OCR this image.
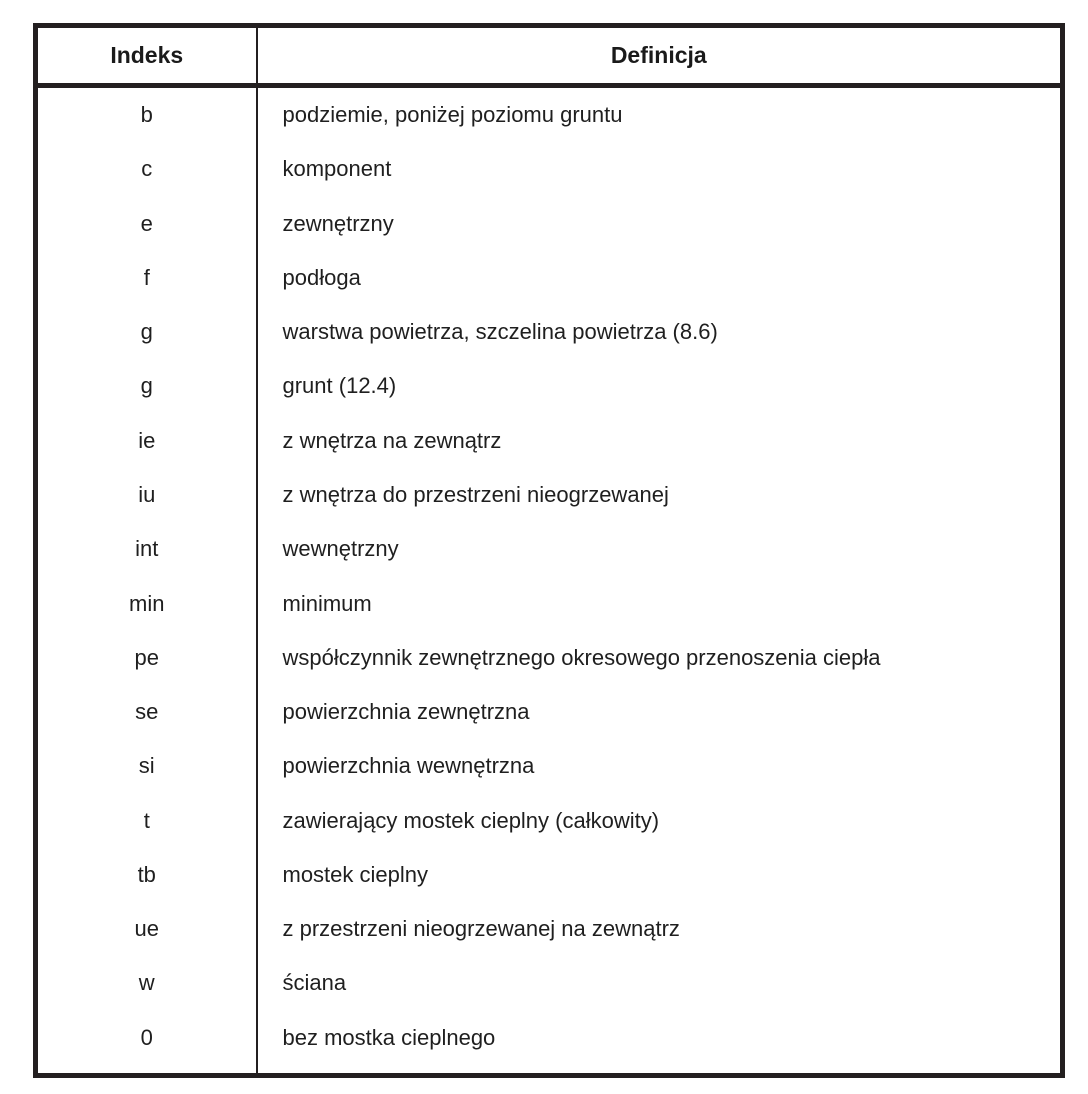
Indeks	Definicja
b	podziemie, poniżej poziomu gruntu
c	komponent
e	zewnętrzny
f	podłoga
g	warstwa powietrza, szczelina powietrza (8.6)
g	grunt (12.4)
ie	z wnętrza na zewnątrz
iu	z wnętrza do przestrzeni nieogrzewanej
int	wewnętrzny
min	minimum
pe	współczynnik zewnętrznego okresowego przenoszenia ciepła
se	powierzchnia zewnętrzna
si	powierzchnia wewnętrzna
t	zawierający mostek cieplny (całkowity)
tb	mostek cieplny
ue	z przestrzeni nieogrzewanej na zewnątrz
w	ściana
0	bez mostka cieplnego
